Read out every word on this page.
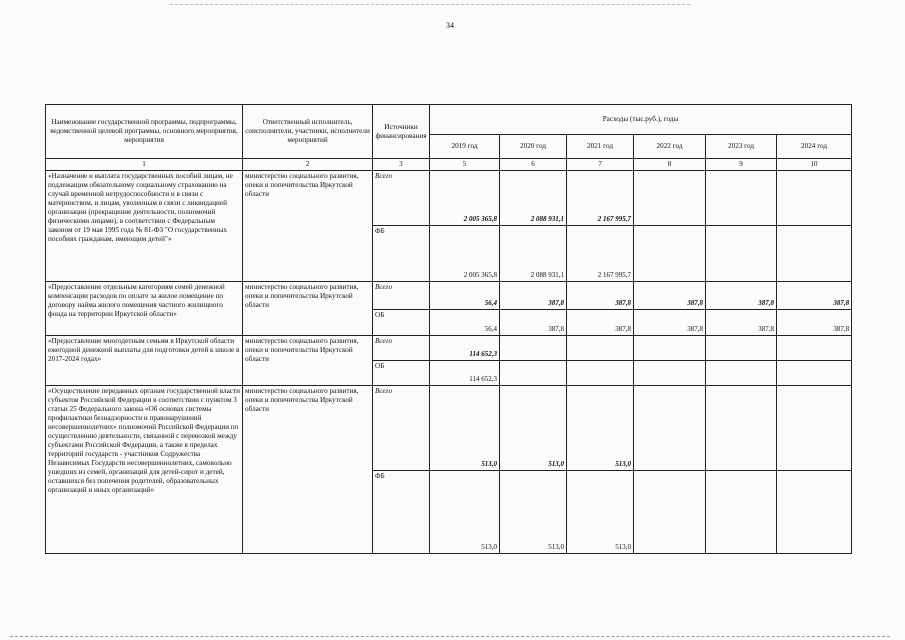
34
Наименование государственной программы, подпрограммы, ведомственной целевой программы, основного мероприятия, мероприятия	Ответственный исполнитель, соисполнители, участники, исполнители мероприятий	Источники финансирования	Расходы (тыс.руб.), годы					
			2019 год	2020 год	2021 год	2022 год	2023 год	2024 год
1	2	3	5	6	7	8	9	10
«Назначение и выплата государственных пособий лицам, не подлежащим обязательному социальному страхованию на случай временной нетрудоспособности и в связи с материнством, и лицам, уволенным в связи с ликвидацией организации (прекращение деятельности, полномочий физическими лицами), в соответствии с Федеральным законом от 19 мая 1995 года № 81-ФЗ "О государственных пособиях гражданам, имеющим детей"»	министерство социального развития, опеки и попечительства Иркутской области	Всего	2 005 365,8	2 088 931,1	2 167 995,7			
		ФБ	2 005 365,8	2 088 931,1	2 167 995,7			
«Предоставление отдельным категориям семей денежной компенсации расходов по оплате за жилое помещение по договору найма жилого помещения частного жилищного фонда на территории Иркутской области»	министерство социального развития, опеки и попечительства Иркутской области	Всего	56,4	387,8	387,8	387,8	387,8	387,8
		ОБ	56,4	387,8	387,8	387,8	387,8	387,8
«Предоставление многодетным семьям в Иркутской области ежегодной денежной выплаты для подготовки детей к школе в 2017-2024 годах»	министерство социального развития, опеки и попечительства Иркутской области	Всего	114 652,3					
		ОБ	114 652,3					
«Осуществление переданных органам государственной власти субъектов Российской Федерации в соответствии с пунктом 3 статьи 25 Федерального закона «Об основах системы профилактики безнадзорности и правонарушений несовершеннолетних» полномочий Российской Федерации по осуществлению деятельности, связанной с перевозкой между субъектами Российской Федерации, а также в пределах территорий государств - участников Содружества Независимых Государств несовершеннолетних, самовольно ушедших из семей, организаций для детей-сирот и детей, оставшихся без попечения родителей, образовательных организаций и иных организаций»	министерство социального развития, опеки и попечительства Иркутской области	Всего	513,0	513,0	513,0			
		ФБ	513,0	513,0	513,0			
